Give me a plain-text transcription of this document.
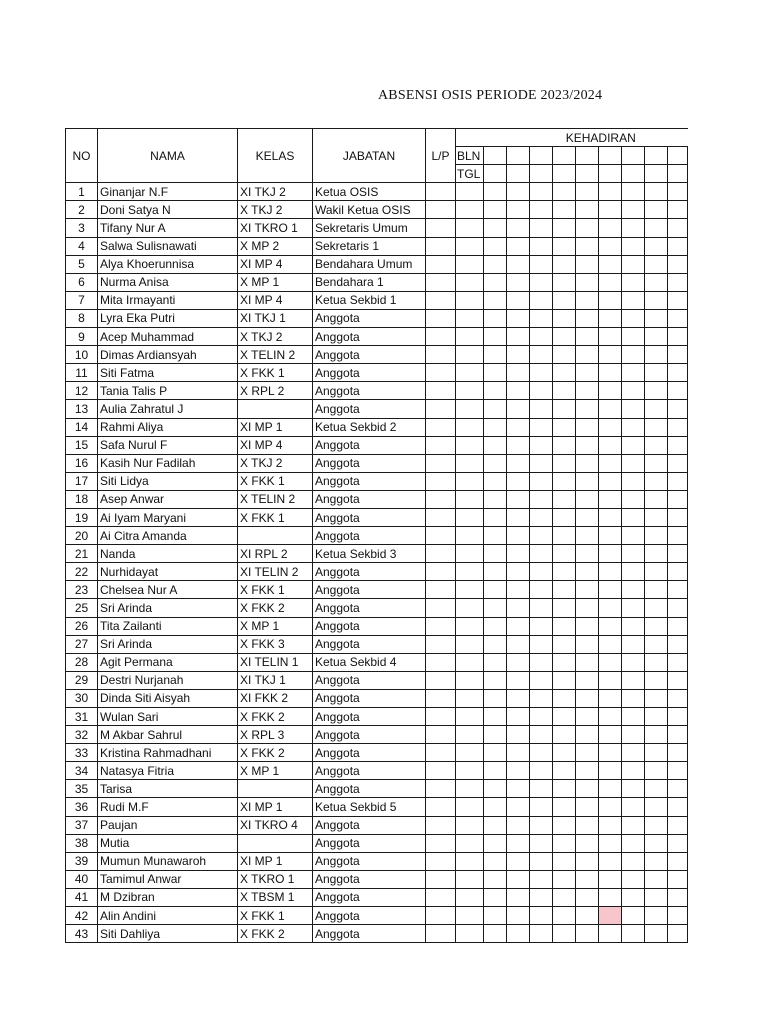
ABSENSI OSIS PERIODE 2023/2024
NO	NAMA	KELAS	JABATAN	L/P	KEHADIRAN									
					BLN									
					TGL									
1	Ginanjar N.F	XI TKJ 2	Ketua OSIS											
2	Doni Satya N	X TKJ 2	Wakil Ketua OSIS											
3	Tifany Nur A	XI TKRO 1	Sekretaris Umum											
4	Salwa Sulisnawati	X MP 2	Sekretaris 1											
5	Alya Khoerunnisa	XI MP 4	Bendahara Umum											
6	Nurma Anisa	X MP 1	Bendahara 1											
7	Mita Irmayanti	XI MP 4	Ketua Sekbid 1											
8	Lyra Eka Putri	XI TKJ 1	Anggota											
9	Acep Muhammad	X TKJ 2	Anggota											
10	Dimas Ardiansyah	X TELIN 2	Anggota											
11	Siti Fatma	X FKK 1	Anggota											
12	Tania Talis P	X RPL 2	Anggota											
13	Aulia Zahratul J		Anggota											
14	Rahmi Aliya	XI MP 1	Ketua Sekbid 2											
15	Safa Nurul F	XI MP 4	Anggota											
16	Kasih Nur Fadilah	X TKJ 2	Anggota											
17	Siti Lidya	X FKK 1	Anggota											
18	Asep Anwar	X TELIN 2	Anggota											
19	Ai Iyam Maryani	X FKK 1	Anggota											
20	Ai Citra Amanda		Anggota											
21	Nanda	XI RPL 2	Ketua Sekbid 3											
22	Nurhidayat	XI TELIN 2	Anggota											
23	Chelsea Nur A	X FKK 1	Anggota											
25	Sri Arinda	X FKK 2	Anggota											
26	Tita Zailanti	X MP 1	Anggota											
27	Sri Arinda	X FKK 3	Anggota											
28	Agit Permana	XI TELIN 1	Ketua Sekbid 4											
29	Destri Nurjanah	XI TKJ 1	Anggota											
30	Dinda Siti Aisyah	XI FKK 2	Anggota											
31	Wulan Sari	X FKK 2	Anggota											
32	M Akbar Sahrul	X RPL 3	Anggota											
33	Kristina Rahmadhani	X FKK 2	Anggota											
34	Natasya Fitria	X MP 1	Anggota											
35	Tarisa		Anggota											
36	Rudi M.F	XI MP 1	Ketua Sekbid 5											
37	Paujan	XI TKRO 4	Anggota											
38	Mutia		Anggota											
39	Mumun Munawaroh	XI MP 1	Anggota											
40	Tamimul Anwar	X TKRO 1	Anggota											
41	M Dzibran	X TBSM 1	Anggota											
42	Alin Andini	X FKK 1	Anggota											
43	Siti Dahliya	X FKK 2	Anggota											
